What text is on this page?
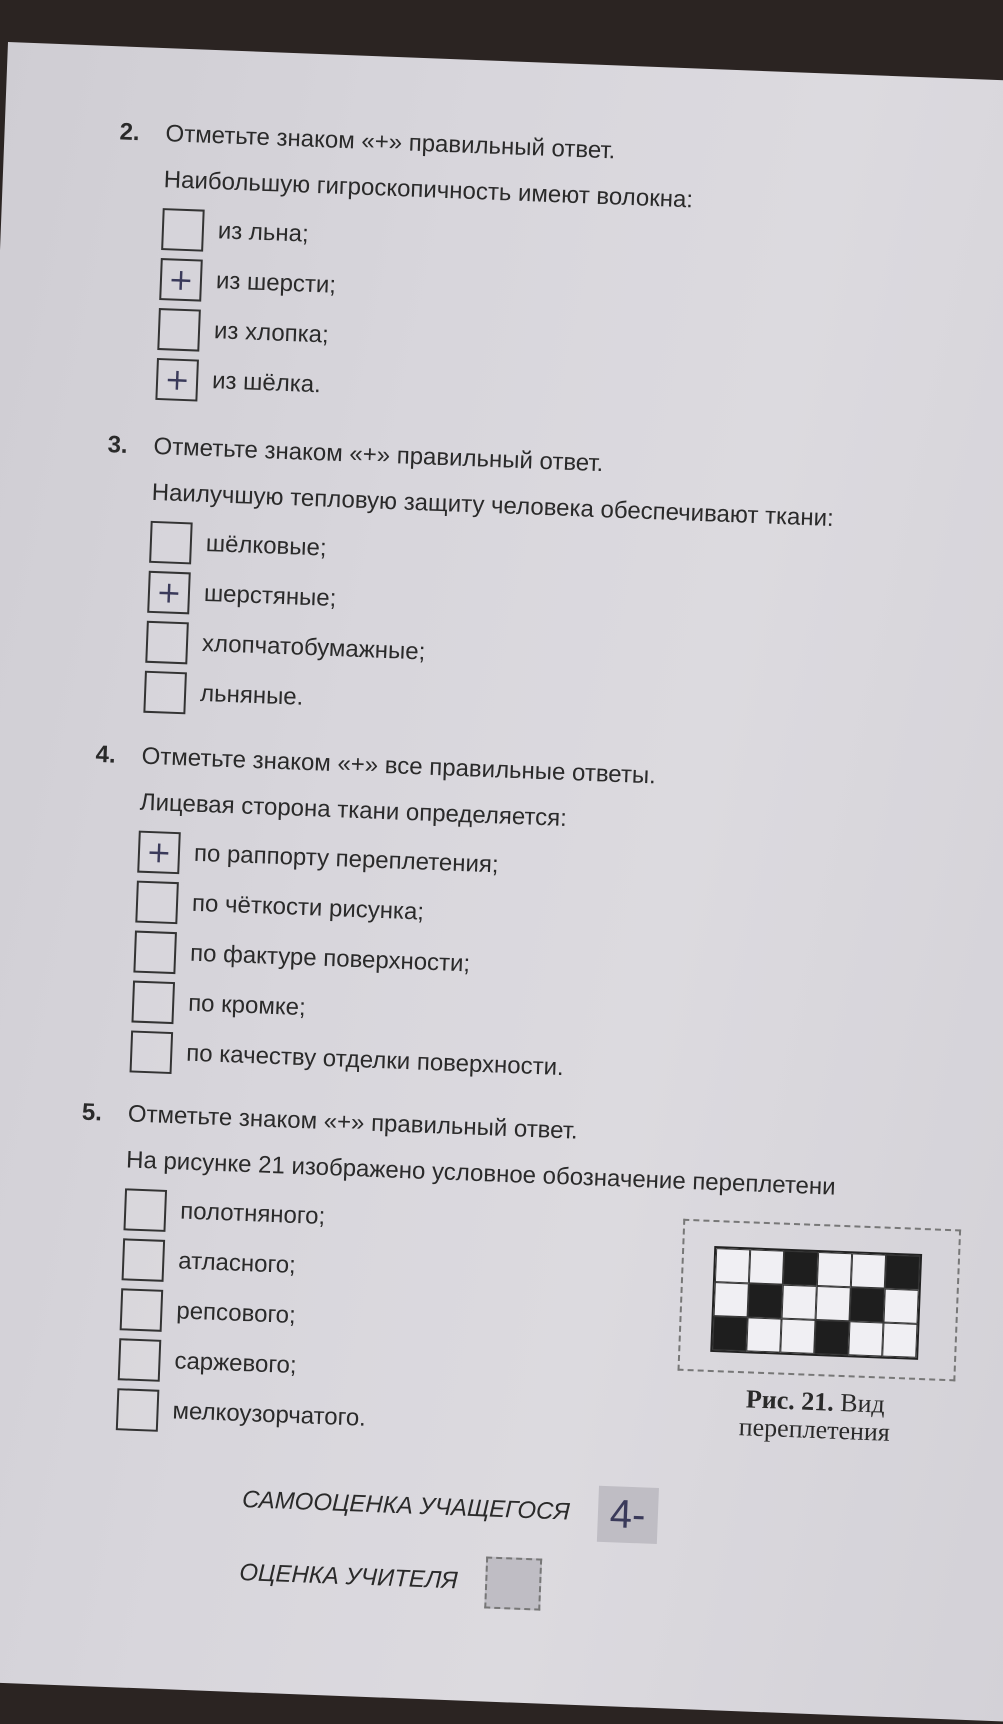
2.	Отметьте знаком «+» правильный ответ.
Наибольшую гигроскопичность имеют волокна:
из льна;
+ из шерсти;
из хлопка;
+ из шёлка.
3.	Отметьте знаком «+» правильный ответ.
Наилучшую тепловую защиту человека обеспечивают ткани:
шёлковые;
+ шерстяные;
хлопчатобумажные;
льняные.
4.	Отметьте знаком «+» все правильные ответы.
Лицевая сторона ткани определяется:
+ по раппорту переплетения;
по чёткости рисунка;
по фактуре поверхности;
по кромке;
по качеству отделки поверхности.
5.	Отметьте знаком «+» правильный ответ.
На рисунке 21 изображено условное обозначение переплетени
полотняного;
атласного;
репсового;
саржевого;
мелкоузорчатого.	Рис. 21. Вид
переплетения
САМООЦЕНКА УЧАЩЕГОСЯ 4-
ОЦЕНКА УЧИТЕЛЯ
